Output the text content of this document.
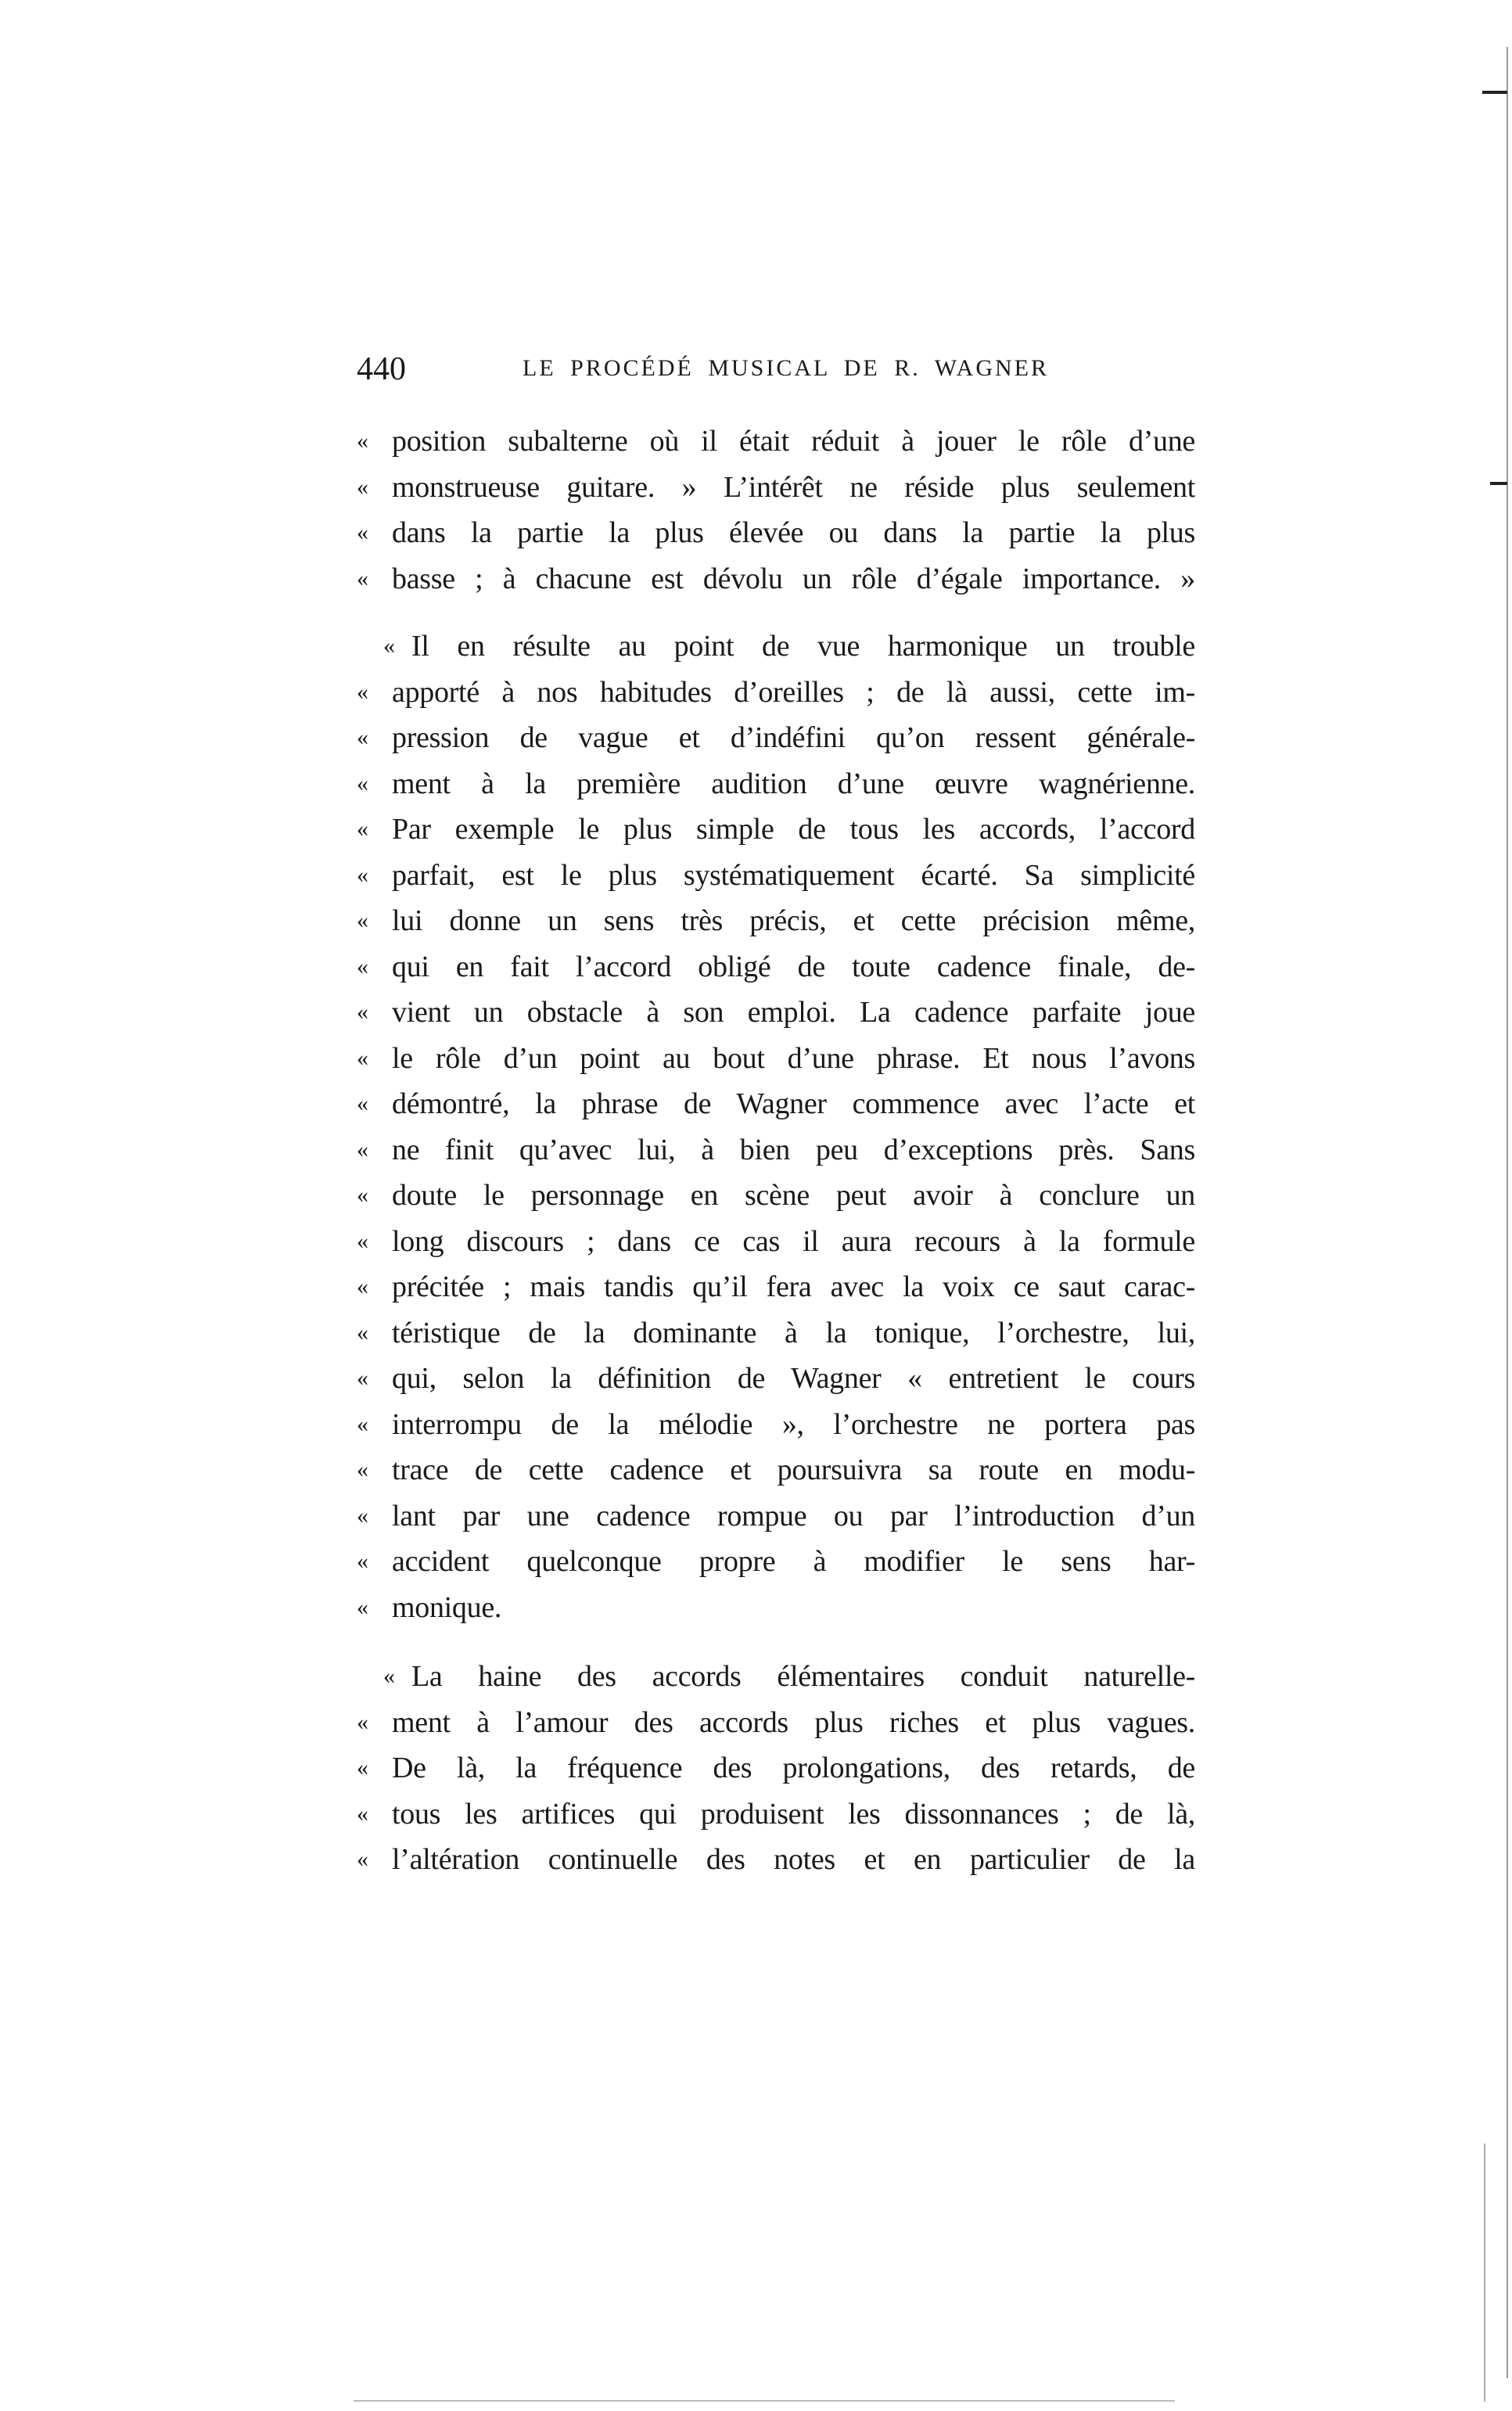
440	LE PROCÉDÉ MUSICAL DE R. WAGNER
« position subalterne où il était réduit à jouer le rôle d’une
« monstrueuse guitare. » L’intérêt ne réside plus seulement
« dans la partie la plus élevée ou dans la partie la plus
« basse ; à chacune est dévolu un rôle d’égale importance. »
« Il en résulte au point de vue harmonique un trouble
« apporté à nos habitudes d’oreilles ; de là aussi, cette im-
« pression de vague et d’indéfini qu’on ressent générale-
« ment à la première audition d’une œuvre wagnérienne.
« Par exemple le plus simple de tous les accords, l’accord
« parfait, est le plus systématiquement écarté. Sa simplicité
« lui donne un sens très précis, et cette précision même,
« qui en fait l’accord obligé de toute cadence finale, de-
« vient un obstacle à son emploi. La cadence parfaite joue
« le rôle d’un point au bout d’une phrase. Et nous l’avons
« démontré, la phrase de Wagner commence avec l’acte et
« ne finit qu’avec lui, à bien peu d’exceptions près. Sans
« doute le personnage en scène peut avoir à conclure un
« long discours ; dans ce cas il aura recours à la formule
« précitée ; mais tandis qu’il fera avec la voix ce saut carac-
« téristique de la dominante à la tonique, l’orchestre, lui,
« qui, selon la définition de Wagner « entretient le cours
« interrompu de la mélodie », l’orchestre ne portera pas
« trace de cette cadence et poursuivra sa route en modu-
« lant par une cadence rompue ou par l’introduction d’un
« accident quelconque propre à modifier le sens har-
« monique.
« La haine des accords élémentaires conduit naturelle-
« ment à l’amour des accords plus riches et plus vagues.
« De là, la fréquence des prolongations, des retards, de
« tous les artifices qui produisent les dissonnances ; de là,
« l’altération continuelle des notes et en particulier de la
